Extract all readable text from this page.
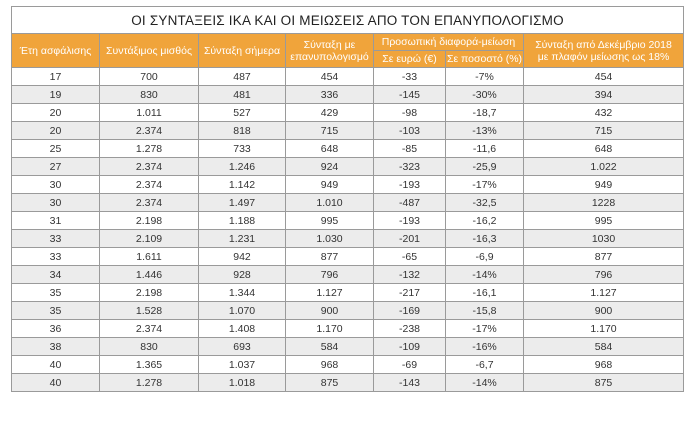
ΟΙ ΣΥΝΤΑΞΕΙΣ ΙΚΑ ΚΑΙ ΟΙ ΜΕΙΩΣΕΙΣ ΑΠΟ ΤΟΝ ΕΠΑΝΥΠΟΛΟΓΙΣΜΟ						
Έτη ασφάλισης	Συντάξιμος μισθός	Σύνταξη σήμερα	Σύνταξη με
επανυπολογισμό	Προσωπική διαφορά-μείωση		Σύνταξη από Δεκέμβριο 2018
με πλαφόν μείωσης ως 18%
				Σε ευρώ (€)	Σε ποσοστό (%)	
17	700	487	454	-33	-7%	454
19	830	481	336	-145	-30%	394
20	1.011	527	429	-98	-18,7	432
20	2.374	818	715	-103	-13%	715
25	1.278	733	648	-85	-11,6	648
27	2.374	1.246	924	-323	-25,9	1.022
30	2.374	1.142	949	-193	-17%	949
30	2.374	1.497	1.010	-487	-32,5	1228
31	2.198	1.188	995	-193	-16,2	995
33	2.109	1.231	1.030	-201	-16,3	1030
33	1.611	942	877	-65	-6,9	877
34	1.446	928	796	-132	-14%	796
35	2.198	1.344	1.127	-217	-16,1	1.127
35	1.528	1.070	900	-169	-15,8	900
36	2.374	1.408	1.170	-238	-17%	1.170
38	830	693	584	-109	-16%	584
40	1.365	1.037	968	-69	-6,7	968
40	1.278	1.018	875	-143	-14%	875
